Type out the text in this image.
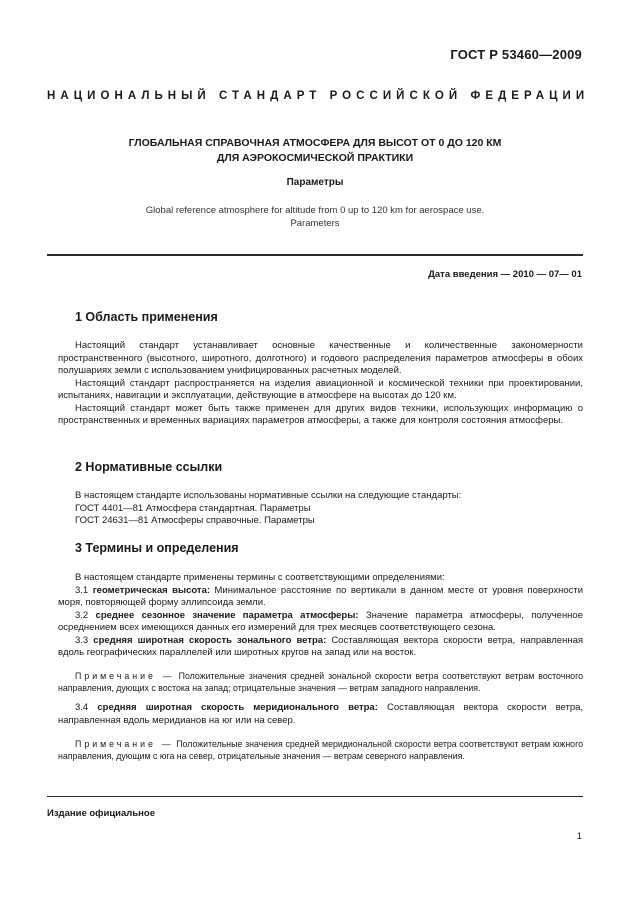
ГОСТ Р 53460—2009
НАЦИОНАЛЬНЫЙ СТАНДАРТ РОССИЙСКОЙ ФЕДЕРАЦИИ
ГЛОБАЛЬНАЯ СПРАВОЧНАЯ АТМОСФЕРА ДЛЯ ВЫСОТ ОТ 0 ДО 120 КМ
ДЛЯ АЭРОКОСМИЧЕСКОЙ ПРАКТИКИ
Параметры
Global reference atmosphere for altitude from 0 up to 120 km for aerospace use.
Parameters
Дата введения — 2010 — 07— 01
1 Область применения

Настоящий стандарт устанавливает основные качественные и количественные закономерности пространственного (высотного, широтного, долготного) и годового распределения параметров атмосферы в обоих полушариях земли с использованием унифицированных расчетных моделей.

Настоящий стандарт распространяется на изделия авиационной и космической техники при проектировании, испытаниях, навигации и эксплуатации, действующие в атмосфере на высотах до 120 км.

Настоящий стандарт может быть также применен для других видов техники, использующих информацию о пространственных и временных вариациях параметров атмосферы, а также для контроля состояния атмосферы.

2 Нормативные ссылки

В настоящем стандарте использованы нормативные ссылки на следующие стандарты:

ГОСТ 4401—81 Атмосфера стандартная. Параметры

ГОСТ 24631—81 Атмосферы справочные. Параметры

3 Термины и определения

В настоящем стандарте применены термины с соответствующими определениями:

3.1 геометрическая высота: Минимальное расстояние по вертикали в данном месте от уровня поверхности моря, повторяющей форму эллипсоида земли.

3.2 среднее сезонное значение параметра атмосферы: Значение параметра атмосферы, полученное осреднением всех имеющихся данных его измерений для трех месяцев соответствующего сезона.

3.3 средняя широтная скорость зонального ветра: Составляющая вектора скорости ветра, направленная вдоль географических параллелей или широтных кругов на запад или на восток.

Примечание — Положительные значения средней зональной скорости ветра соответствуют ветрам восточного направления, дующих с востока на запад; отрицательные значения — ветрам западного направления.

3.4 средняя широтная скорость меридионального ветра: Составляющая вектора скорости ветра, направленная вдоль меридианов на юг или на север.

Примечание — Положительные значения средней меридиональной скорости ветра соответствуют ветрам южного направления, дующим с юга на север, отрицательные значения — ветрам северного направления.

Издание официальное
1
